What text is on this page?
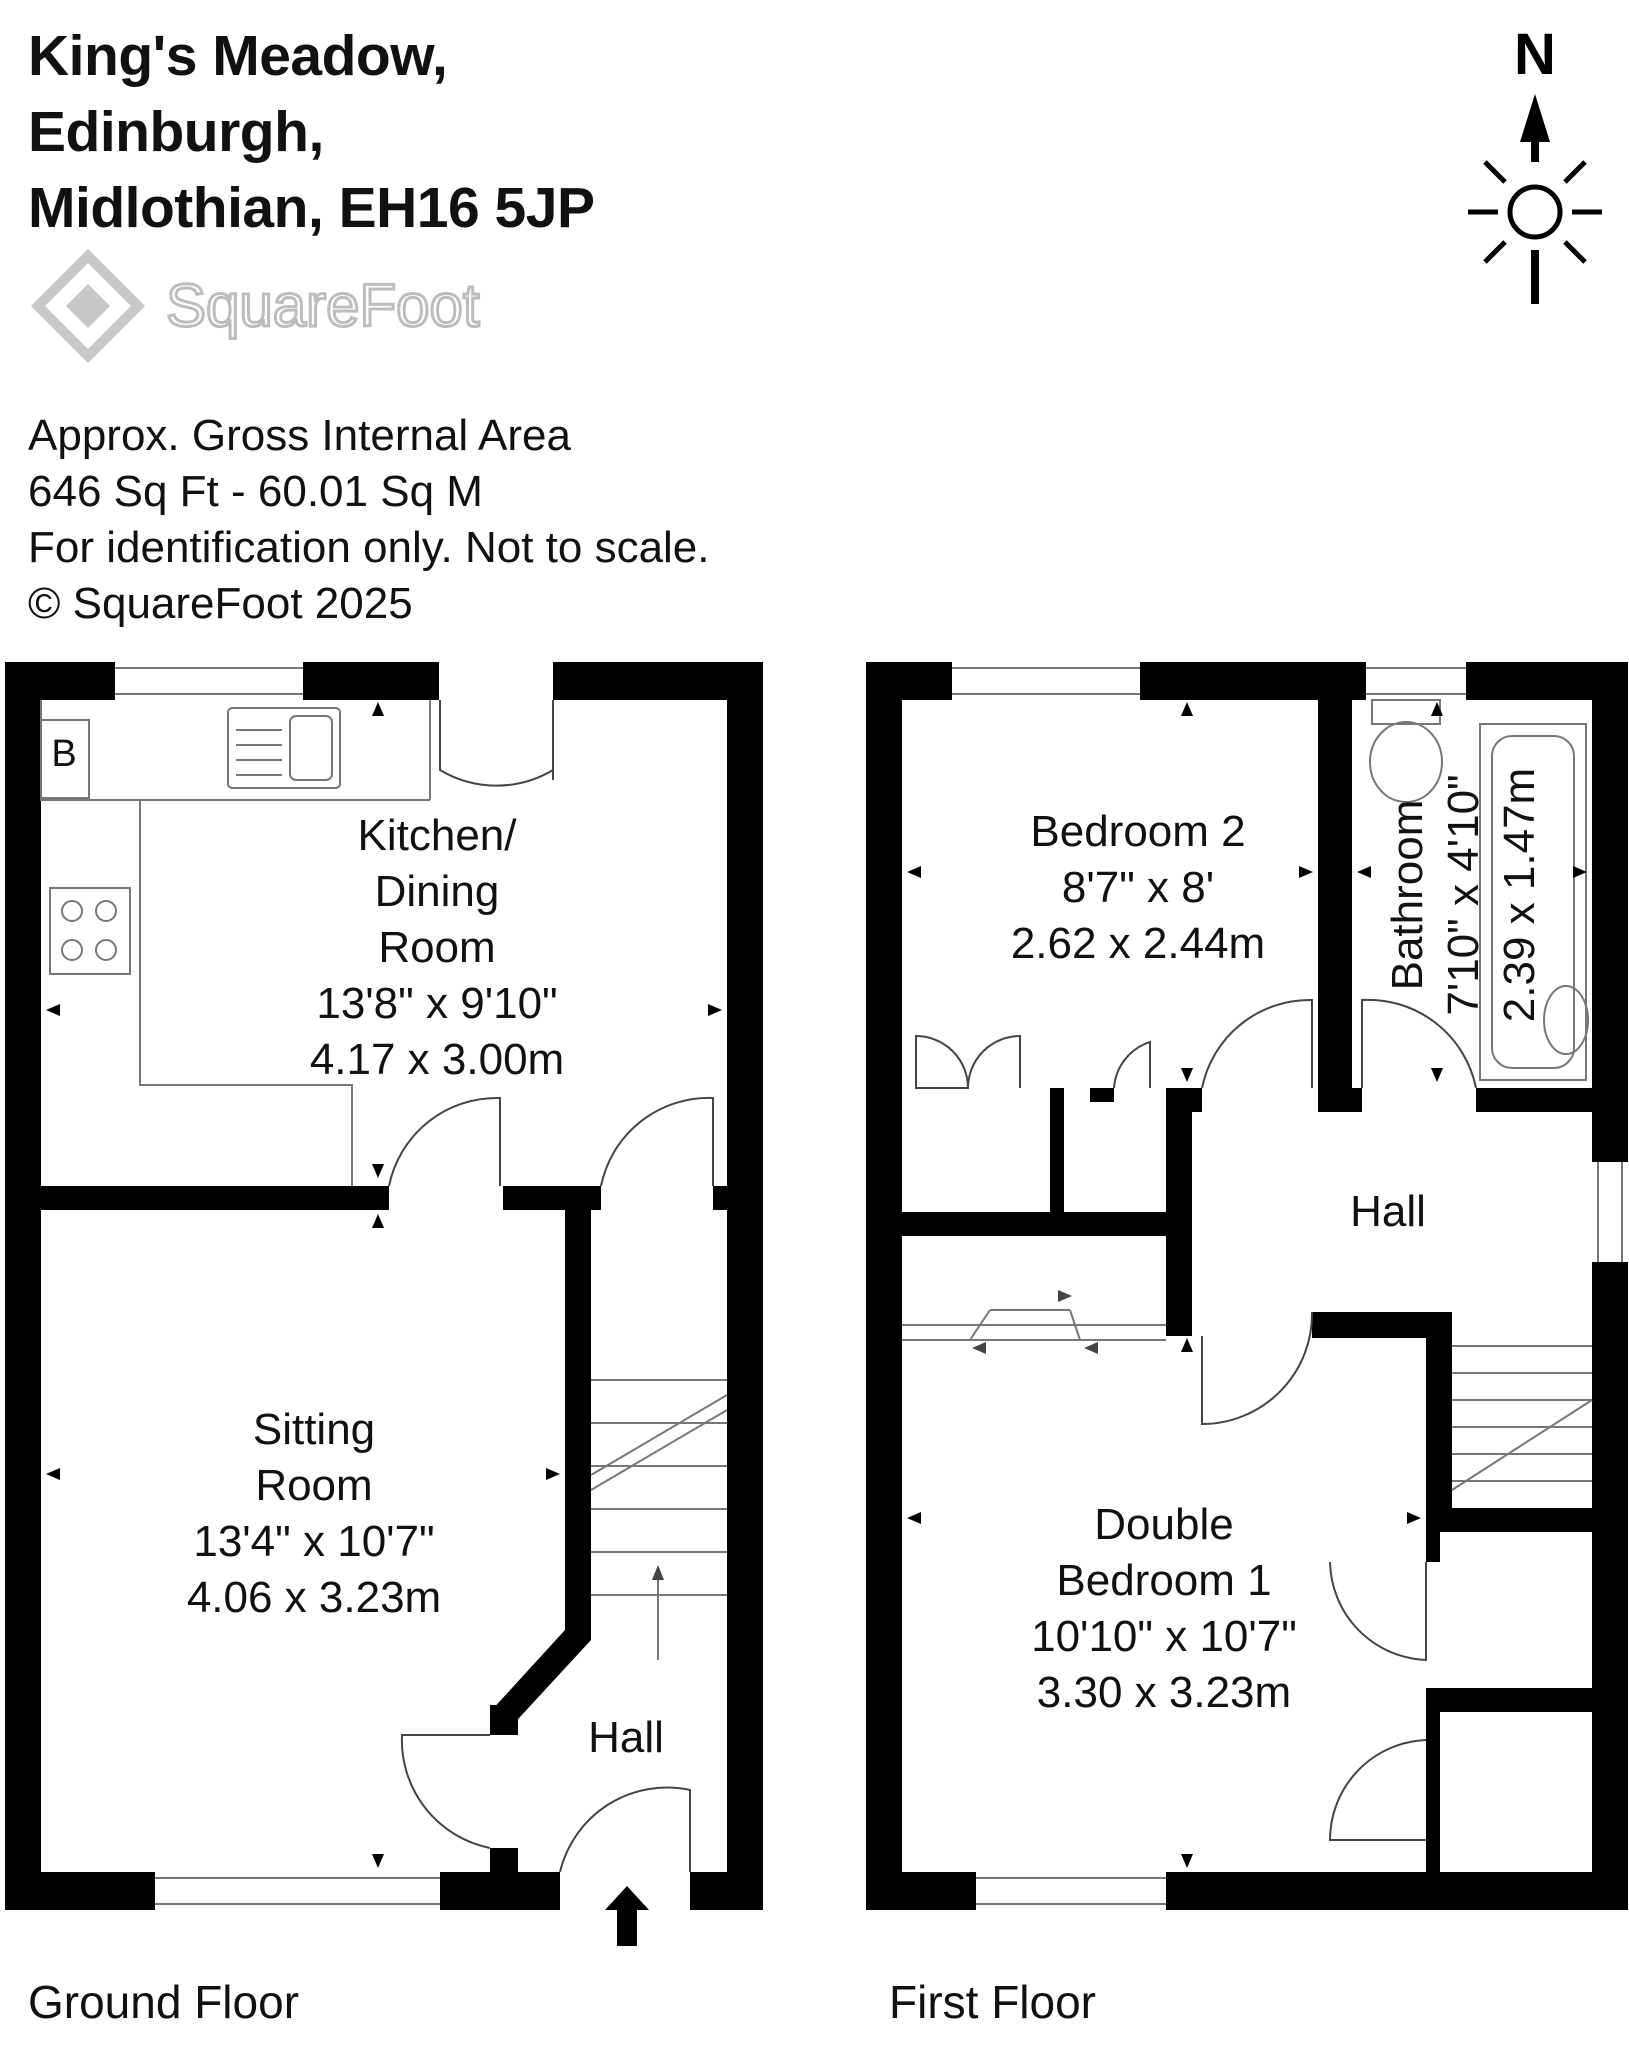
King's Meadow,
Edinburgh,
Midlothian, EH16 5JP
SquareFoot
Approx. Gross Internal Area
646 Sq Ft - 60.01 Sq M
For identification only. Not to scale.
© SquareFoot 2025
N
B
Kitchen/
Dining
Room
13'8" x 9'10"
4.17 x 3.00m
Sitting
Room
13'4" x 10'7"
4.06 x 3.23m
Hall
Bedroom 2
8'7" x 8'
2.62 x 2.44m	Bathroom 7'10" x 4'10" 2.39 x 1.47m
Hall
Double
Bedroom 1
10'10" x 10'7"
3.30 x 3.23m
Ground Floor	First Floor
